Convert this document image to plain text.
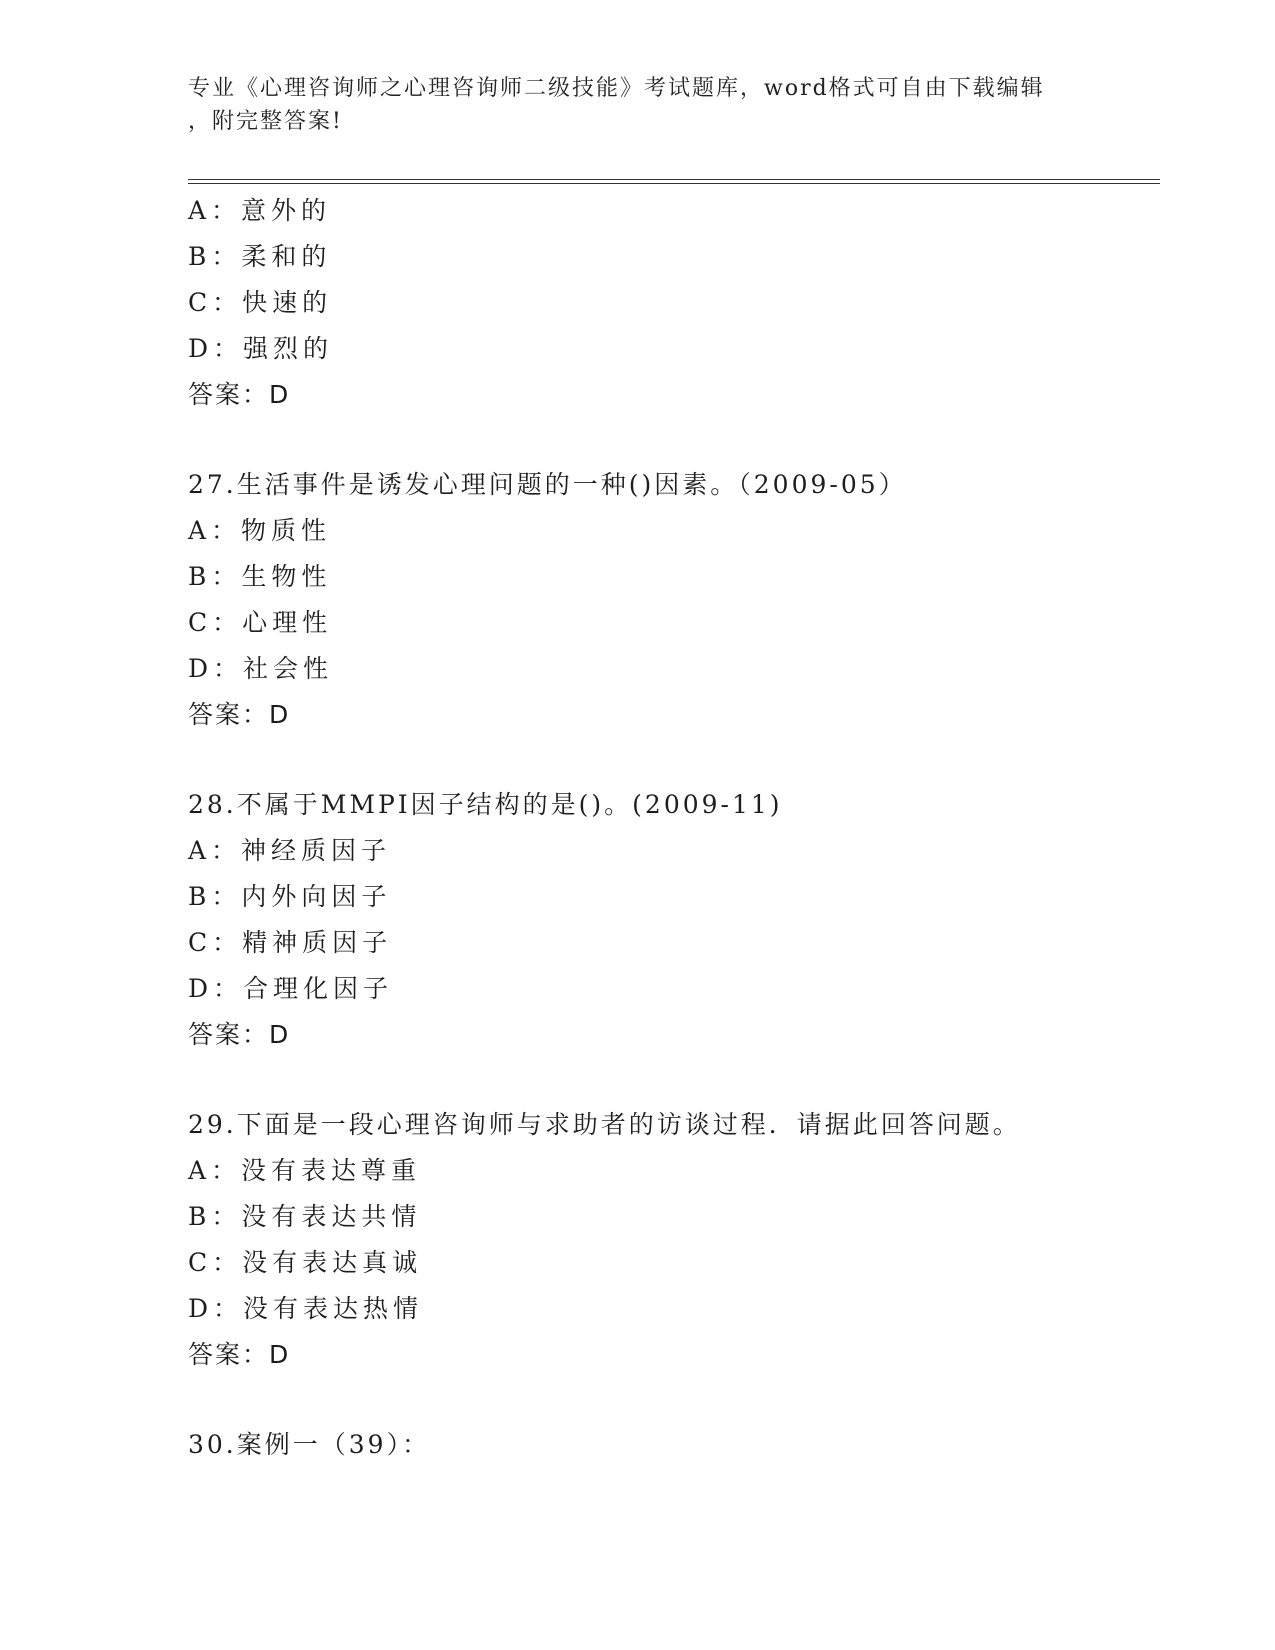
专业《心理咨询师之心理咨询师二级技能》考试题库，word格式可自由下载编辑
，附完整答案!
A：意外的
B：柔和的
C：快速的
D：强烈的
答案：D
27.生活事件是诱发心理问题的一种()因素。（2009-05）
A：物质性
B：生物性
C：心理性
D：社会性
答案：D
28.不属于MMPI因子结构的是()。(2009-11)
A：神经质因子
B：内外向因子
C：精神质因子
D：合理化因子
答案：D
29.下面是一段心理咨询师与求助者的访谈过程．请据此回答问题。
A：没有表达尊重
B：没有表达共情
C：没有表达真诚
D：没有表达热情
答案：D
30.案例一（39）：
